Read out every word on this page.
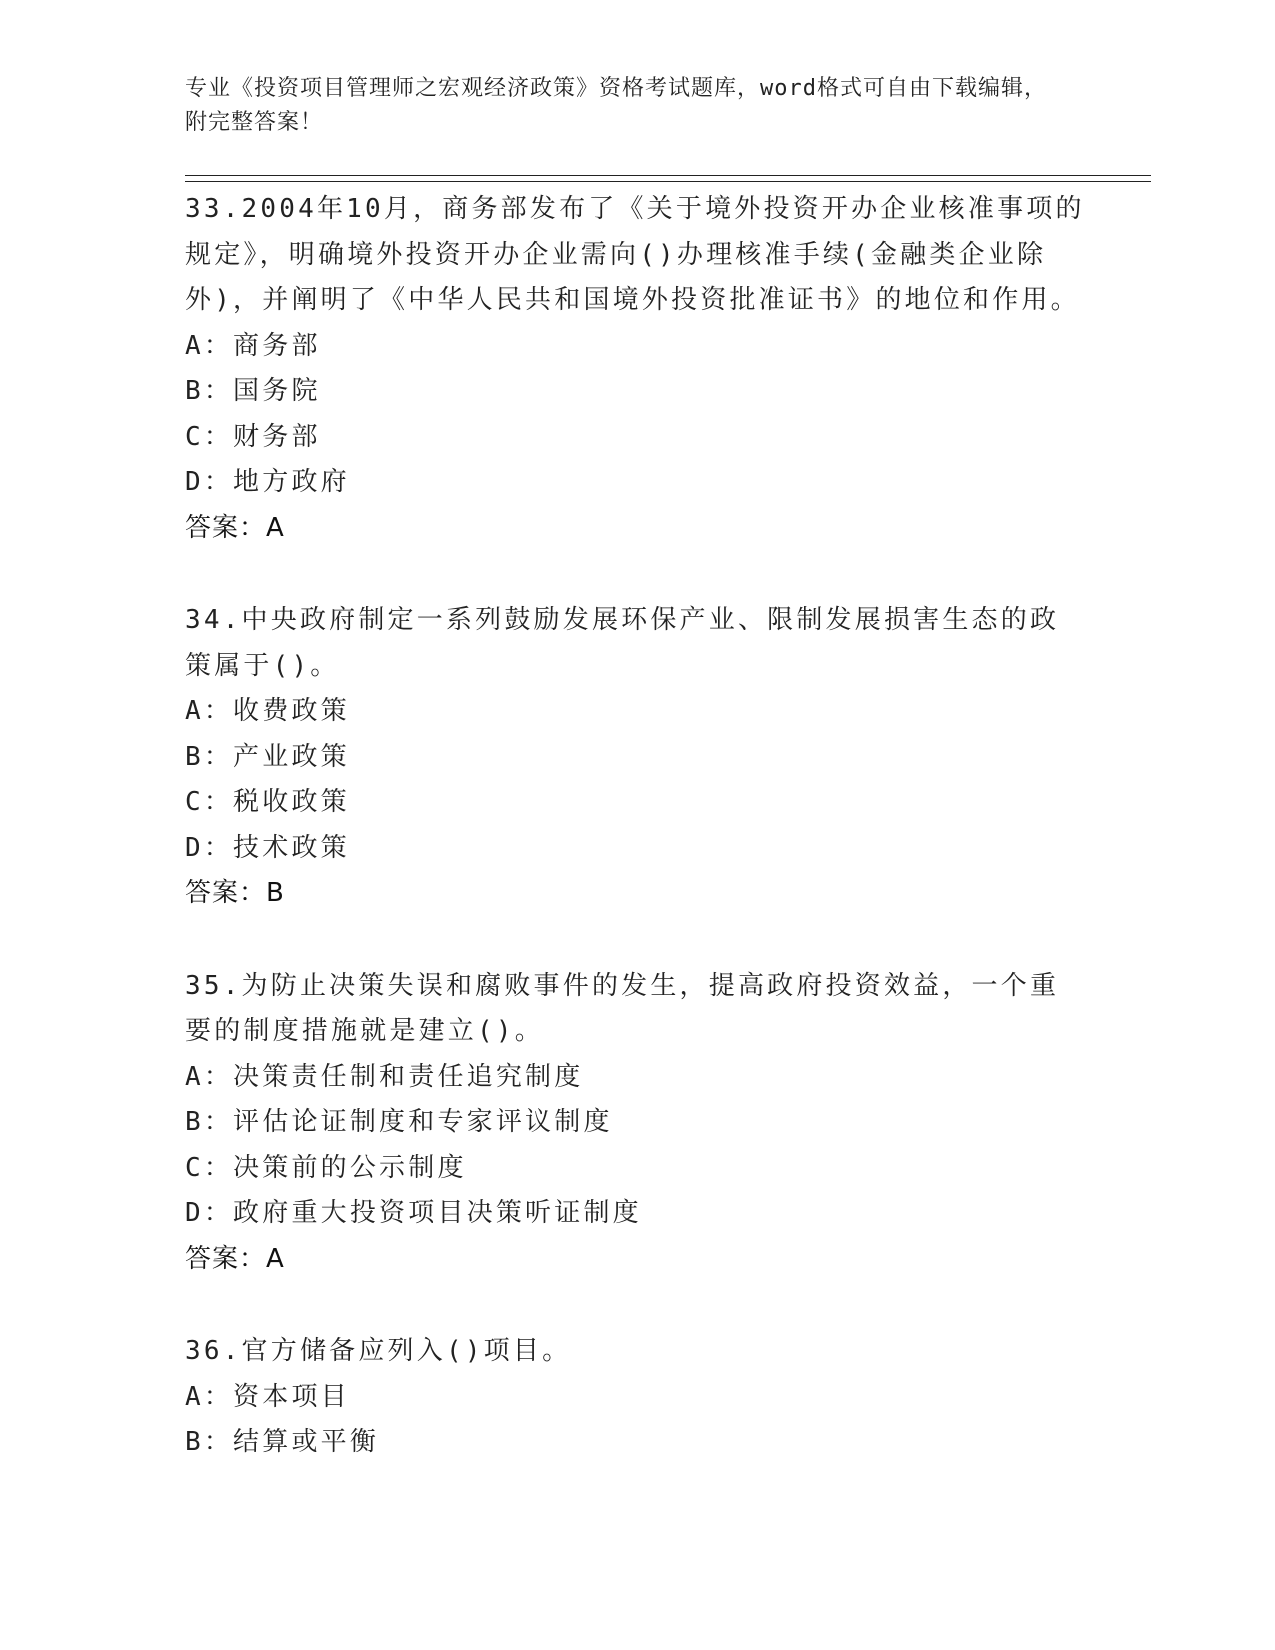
专业《投资项目管理师之宏观经济政策》资格考试题库，word格式可自由下载编辑，附完整答案！

33.2004年10月，商务部发布了《关于境外投资开办企业核准事项的规定》，明确境外投资开办企业需向()办理核准手续(金融类企业除外)，并阐明了《中华人民共和国境外投资批准证书》的地位和作用。

A：商务部

B：国务院

C：财务部

D：地方政府

答案：A

34.中央政府制定一系列鼓励发展环保产业、限制发展损害生态的政策属于()。

A：收费政策

B：产业政策

C：税收政策

D：技术政策

答案：B

35.为防止决策失误和腐败事件的发生，提高政府投资效益，一个重要的制度措施就是建立()。

A：决策责任制和责任追究制度

B：评估论证制度和专家评议制度

C：决策前的公示制度

D：政府重大投资项目决策听证制度

答案：A

36.官方储备应列入()项目。

A：资本项目

B：结算或平衡
